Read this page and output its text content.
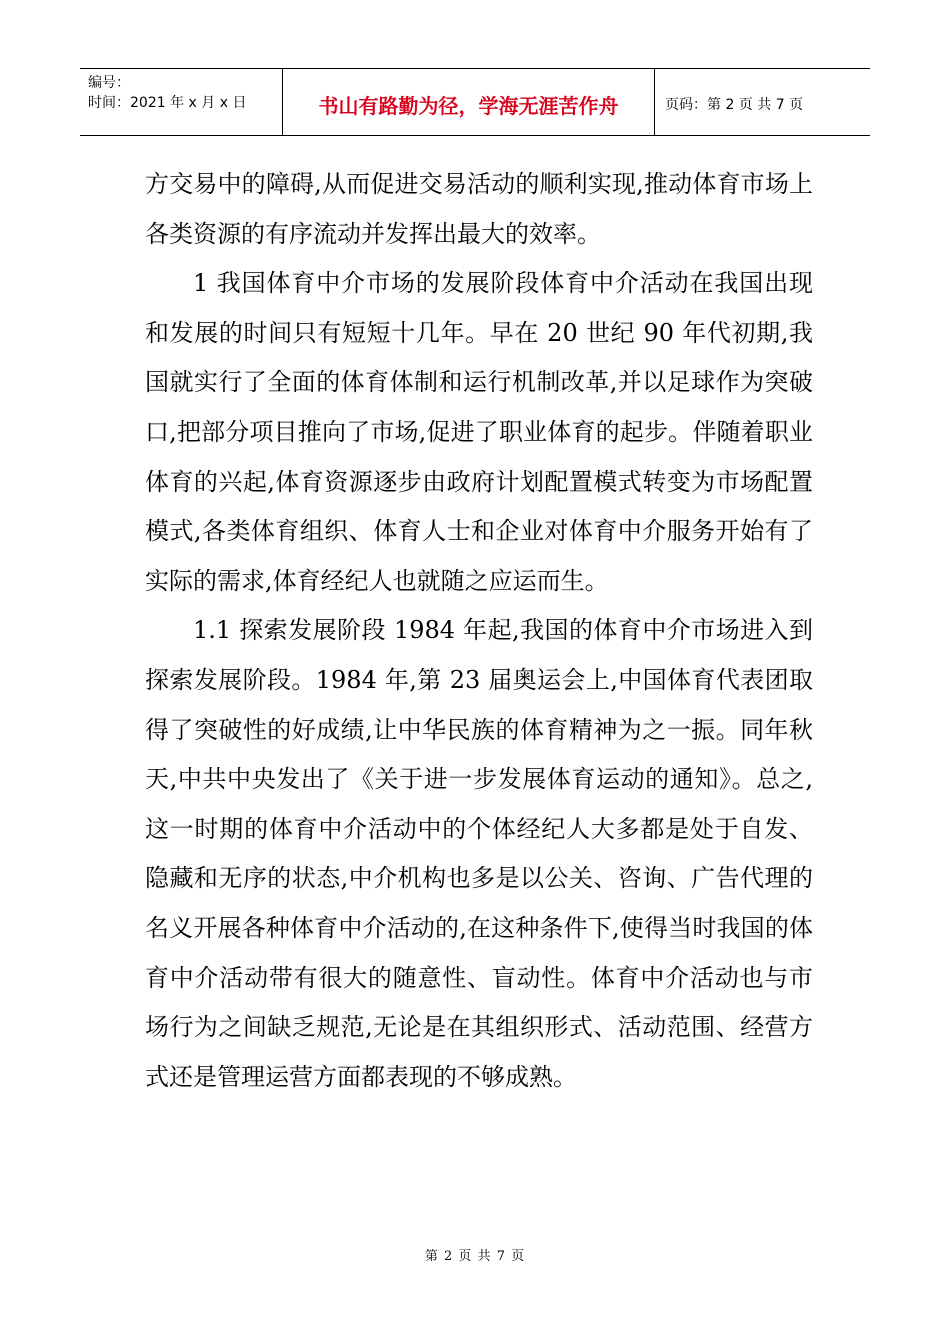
编号：
时间：2021 年 x 月 x 日	书山有路勤为径，学海无涯苦作舟	页码：第 2 页 共 7 页

方交易中的障碍,从而促进交易活动的顺利实现,推动体育市场上各类资源的有序流动并发挥出最大的效率。

1 我国体育中介市场的发展阶段体育中介活动在我国出现和发展的时间只有短短十几年。早在 20 世纪 90 年代初期,我国就实行了全面的体育体制和运行机制改革,并以足球作为突破口,把部分项目推向了市场,促进了职业体育的起步。伴随着职业体育的兴起,体育资源逐步由政府计划配置模式转变为市场配置模式,各类体育组织、体育人士和企业对体育中介服务开始有了实际的需求,体育经纪人也就随之应运而生。

1.1 探索发展阶段 1984 年起,我国的体育中介市场进入到探索发展阶段。1984 年,第 23 届奥运会上,中国体育代表团取得了突破性的好成绩,让中华民族的体育精神为之一振。同年秋天,中共中央发出了《关于进一步发展体育运动的通知》。总之,这一时期的体育中介活动中的个体经纪人大多都是处于自发、隐藏和无序的状态,中介机构也多是以公关、咨询、广告代理的名义开展各种体育中介活动的,在这种条件下,使得当时我国的体育中介活动带有很大的随意性、盲动性。体育中介活动也与市场行为之间缺乏规范,无论是在其组织形式、活动范围、经营方式还是管理运营方面都表现的不够成熟。

第 2 页 共 7 页
